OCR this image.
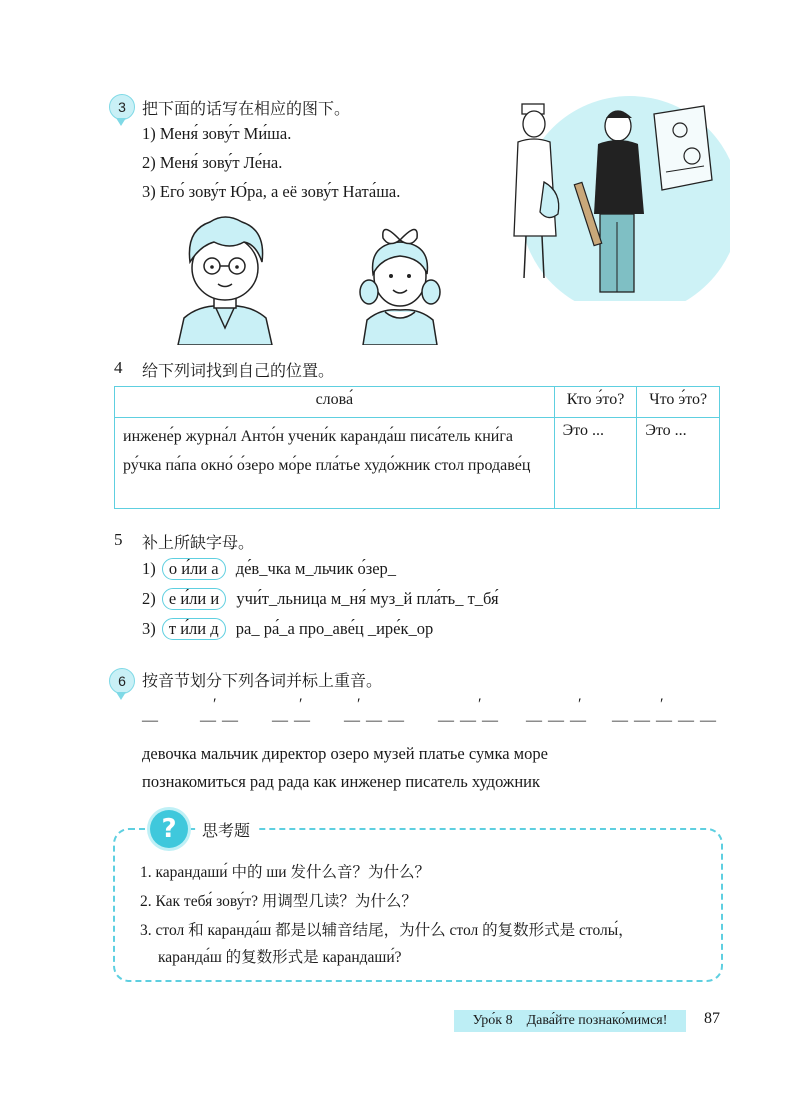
3 把下面的话写在相应的图下。
1) Меня́ зову́т Ми́ша.
2) Меня́ зову́т Ле́на.
3) Его́ зову́т Ю́ра, а её зову́т Ната́ша.
4 给下列词找到自己的位置。
слова́	Кто э́то?	Что э́то?
инжене́р журна́л Анто́н учени́к каранда́ш писа́тель кни́га ру́чка па́па окно́ о́зеро мо́ре пла́тье худо́жник стол продаве́ц	Это ...	Это ...
5 补上所缺字母。
1) о и́ли а де́в_чка м_льчик о́зер_
2) е и́ли и учи́т_льница м_ня́ муз_й пла́ть_ т_бя́
3) т и́ли д ра_ ра́_а про_аве́ц _ире́к_ор
6 按音节划分下列各词并标上重音。
′	′	′	′	′	′
—	— — — — — — — — — — — — — — — — — —
девочка мальчик директор озеро музей платье сумка море
познакомиться рад рада как инженер писатель художник
?	思考题
1. карандаши́ 中的 ши 发什么音？为什么？
2. Как тебя́ зову́т? 用调型几读？为什么？
3. стол 和 каранда́ш 都是以辅音结尾，为什么 стол 的复数形式是 столы́，
каранда́ш 的复数形式是 карандаши́?
Уро́к 8 Дава́йте познако́мимся! 87
